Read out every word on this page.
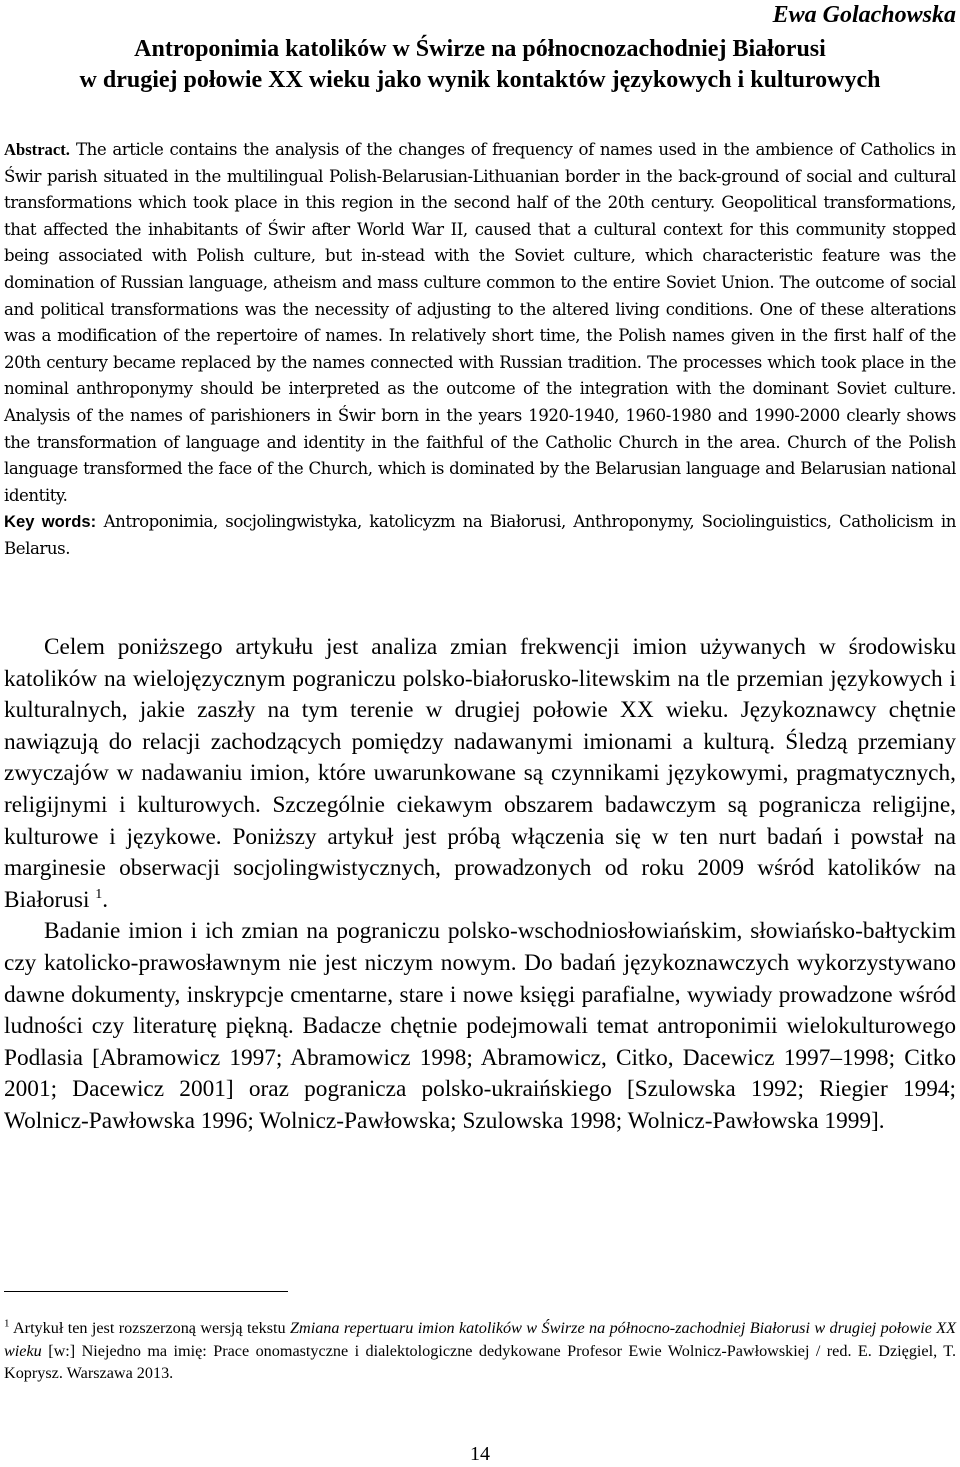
Ewa Golachowska
Antroponimia katolików w Świrze na północnozachodniej Białorusi
w drugiej połowie XX wieku jako wynik kontaktów językowych i kulturowych
Abstract. The article contains the analysis of the changes of frequency of names used in the ambience of Catholics in Świr parish situated in the multilingual Polish-Belarusian-Lithuanian border in the back-ground of social and cultural transformations which took place in this region in the second half of the 20th century. Geopolitical transformations, that affected the inhabitants of Świr after World War II, caused that a cultural context for this community stopped being associated with Polish culture, but in-stead with the Soviet culture, which characteristic feature was the domination of Russian language, atheism and mass culture common to the entire Soviet Union. The outcome of social and political transformations was the necessity of adjusting to the altered living conditions. One of these alterations was a modification of the repertoire of names. In relatively short time, the Polish names given in the first half of the 20th century became replaced by the names connected with Russian tradition. The processes which took place in the nominal anthroponymy should be interpreted as the outcome of the integration with the dominant Soviet culture. Analysis of the names of parishioners in Świr born in the years 1920-1940, 1960-1980 and 1990-2000 clearly shows the transformation of language and identity in the faithful of the Catholic Church in the area. Church of the Polish language transformed the face of the Church, which is dominated by the Belarusian language and Belarusian national identity.
Key words: Antroponimia, socjolingwistyka, katolicyzm na Białorusi, Anthroponymy, Sociolinguistics, Catholicism in Belarus.

Celem poniższego artykułu jest analiza zmian frekwencji imion używanych w środowisku katolików na wielojęzycznym pograniczu polsko-białorusko-litewskim na tle przemian językowych i kulturalnych, jakie zaszły na tym terenie w drugiej połowie XX wieku. Językoznawcy chętnie nawiązują do relacji zachodzących pomiędzy nadawanymi imionami a kulturą. Śledzą przemiany zwyczajów w nadawaniu imion, które uwarunkowane są czynnikami językowymi, pragmatycznych, religijnymi i kulturowych. Szczególnie ciekawym obszarem badawczym są pogranicza religijne, kulturowe i językowe. Poniższy artykuł jest próbą włączenia się w ten nurt badań i powstał na marginesie obserwacji socjolingwistycznych, prowadzonych od roku 2009 wśród katolików na Białorusi $^1$.

Badanie imion i ich zmian na pograniczu polsko-wschodniosłowiańskim, słowiańsko-bałtyckim czy katolicko-prawosławnym nie jest niczym nowym. Do badań językoznawczych wykorzystywano dawne dokumenty, inskrypcje cmentarne, stare i nowe księgi parafialne, wywiady prowadzone wśród ludności czy literaturę piękną. Badacze chętnie podejmowali temat antroponimii wielokulturowego Podlasia [Abramowicz 1997; Abramowicz 1998; Abramowicz, Citko, Dacewicz 1997–1998; Citko 2001; Dacewicz 2001] oraz pogranicza polsko-ukraińskiego [Szulowska 1992; Riegier 1994; Wolnicz-Pawłowska 1996; Wolnicz-Pawłowska; Szulowska 1998; Wolnicz-Pawłowska 1999].

$^1$ Artykuł ten jest rozszerzoną wersją tekstu Zmiana repertuaru imion katolików w Świrze na północno-zachodniej Białorusi w drugiej połowie XX wieku [w:] Niejedno ma imię: Prace onomastyczne i dialektologiczne dedykowane Profesor Ewie Wolnicz-Pawłowskiej / red. E. Dzięgiel, T. Koprysz. Warszawa 2013.
14
